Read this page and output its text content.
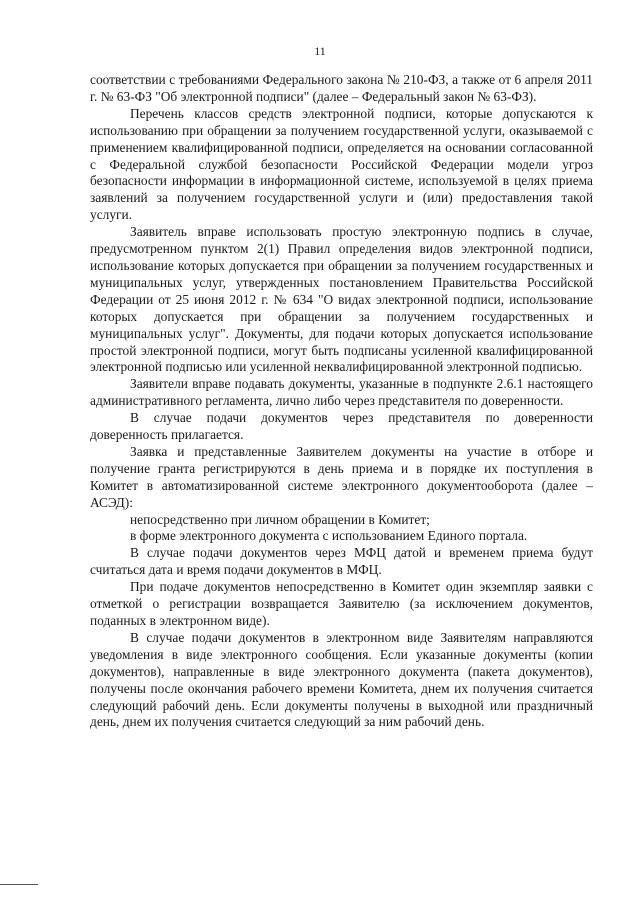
11

соответствии с требованиями Федерального закона № 210-ФЗ, а также от 6 апреля 2011 г. № 63-ФЗ "Об электронной подписи" (далее – Федеральный закон № 63-ФЗ).

Перечень классов средств электронной подписи, которые допускаются к использованию при обращении за получением государственной услуги, оказываемой с применением квалифицированной подписи, определяется на основании согласованной с Федеральной службой безопасности Российской Федерации модели угроз безопасности информации в информационной системе, используемой в целях приема заявлений за получением государственной услуги и (или) предоставления такой услуги.

Заявитель вправе использовать простую электронную подпись в случае, предусмотренном пунктом 2(1) Правил определения видов электронной подписи, использование которых допускается при обращении за получением государственных и муниципальных услуг, утвержденных постановлением Правительства Российской Федерации от 25 июня 2012 г. № 634 "О видах электронной подписи, использование которых допускается при обращении за получением государственных и муниципальных услуг". Документы, для подачи которых допускается использование простой электронной подписи, могут быть подписаны усиленной квалифицированной электронной подписью или усиленной неквалифицированной электронной подписью.

Заявители вправе подавать документы, указанные в подпункте 2.6.1 настоящего административного регламента, лично либо через представителя по доверенности.

В случае подачи документов через представителя по доверенности доверенность прилагается.

Заявка и представленные Заявителем документы на участие в отборе и получение гранта регистрируются в день приема и в порядке их поступления в Комитет в автоматизированной системе электронного документооборота (далее – АСЭД):

непосредственно при личном обращении в Комитет;

в форме электронного документа с использованием Единого портала.

В случае подачи документов через МФЦ датой и временем приема будут считаться дата и время подачи документов в МФЦ.

При подаче документов непосредственно в Комитет один экземпляр заявки с отметкой о регистрации возвращается Заявителю (за исключением документов, поданных в электронном виде).

В случае подачи документов в электронном виде Заявителям направляются уведомления в виде электронного сообщения. Если указанные документы (копии документов), направленные в виде электронного документа (пакета документов), получены после окончания рабочего времени Комитета, днем их получения считается следующий рабочий день. Если документы получены в выходной или праздничный день, днем их получения считается следующий за ним рабочий день.
